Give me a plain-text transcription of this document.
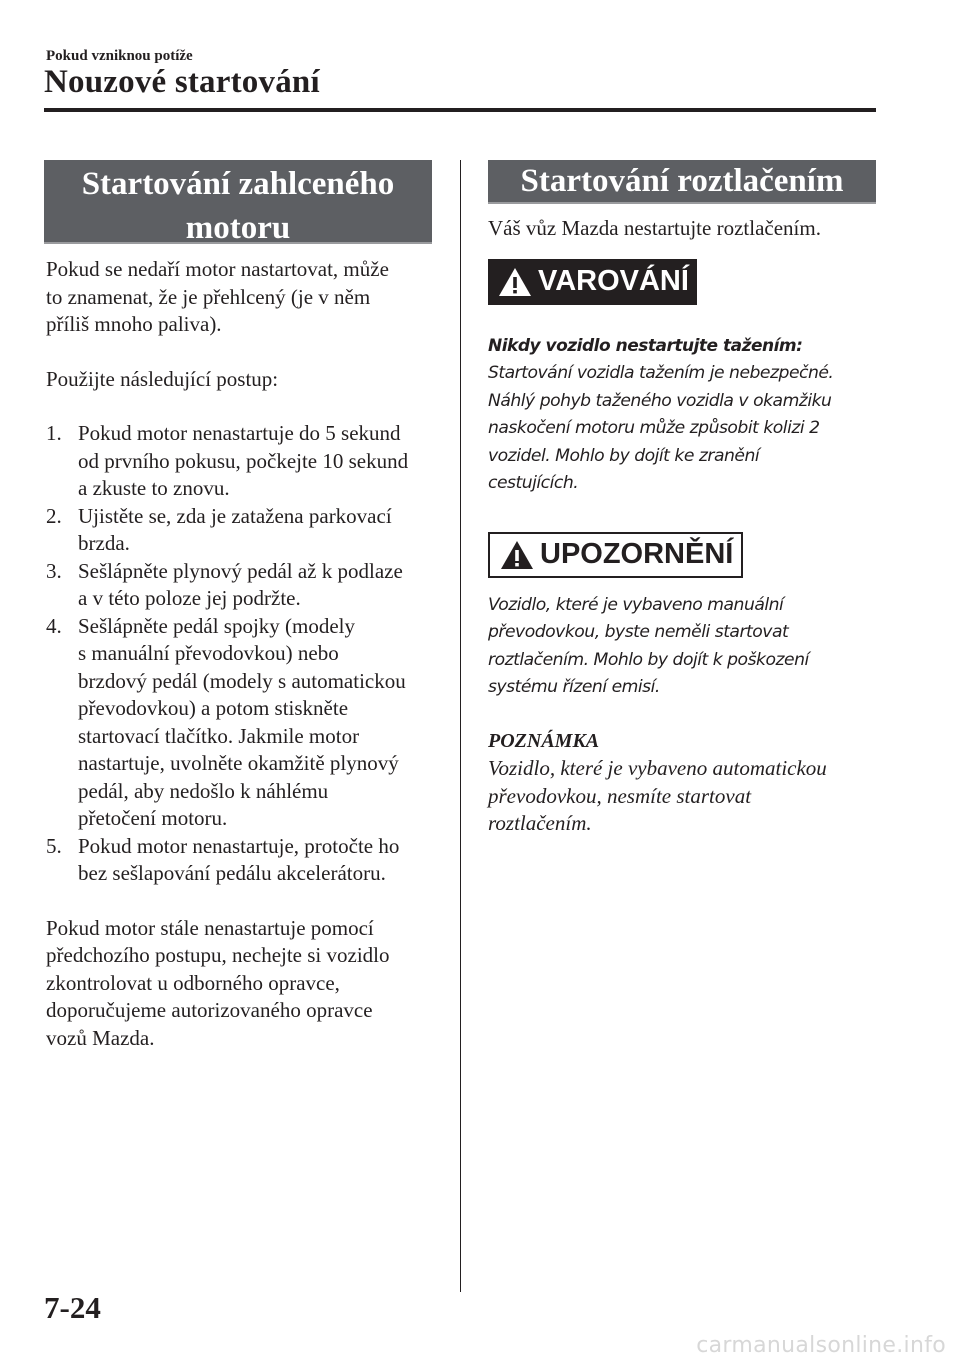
Pokud vzniknou potíže
Nouzové startování
Startování zahlceného
motoru

Pokud se nedaří motor nastartovat, může
to znamenat, že je přehlcený (je v něm
příliš mnoho paliva).

Použijte následující postup:

1. Pokud motor nenastartuje do 5 sekund
od prvního pokusu, počkejte 10 sekund
a zkuste to znovu.
2. Ujistěte se, zda je zatažena parkovací
brzda.
3. Sešlápněte plynový pedál až k podlaze
a v této poloze jej podržte.
4. Sešlápněte pedál spojky (modely
s manuální převodovkou) nebo
brzdový pedál (modely s automatickou
převodovkou) a potom stiskněte
startovací tlačítko. Jakmile motor
nastartuje, uvolněte okamžitě plynový
pedál, aby nedošlo k náhlému
přetočení motoru.
5. Pokud motor nenastartuje, protočte ho
bez sešlapování pedálu akcelerátoru.

Pokud motor stále nenastartuje pomocí
předchozího postupu, nechejte si vozidlo
zkontrolovat u odborného opravce,
doporučujeme autorizovaného opravce
vozů Mazda.

Startování roztlačením
Váš vůz Mazda nestartujte roztlačením.
VAROVÁNÍ
Nikdy vozidlo nestartujte tažením:
Startování vozidla tažením je nebezpečné.
Náhlý pohyb taženého vozidla v okamžiku
naskočení motoru může způsobit kolizi 2
vozidel. Mohlo by dojít ke zranění
cestujících.
UPOZORNĚNÍ
Vozidlo, které je vybaveno manuální
převodovkou, byste neměli startovat
roztlačením. Mohlo by dojít k poškození
systému řízení emisí.
POZNÁMKA
Vozidlo, které je vybaveno automatickou
převodovkou, nesmíte startovat
roztlačením.
7-24
carmanualsonline.info
